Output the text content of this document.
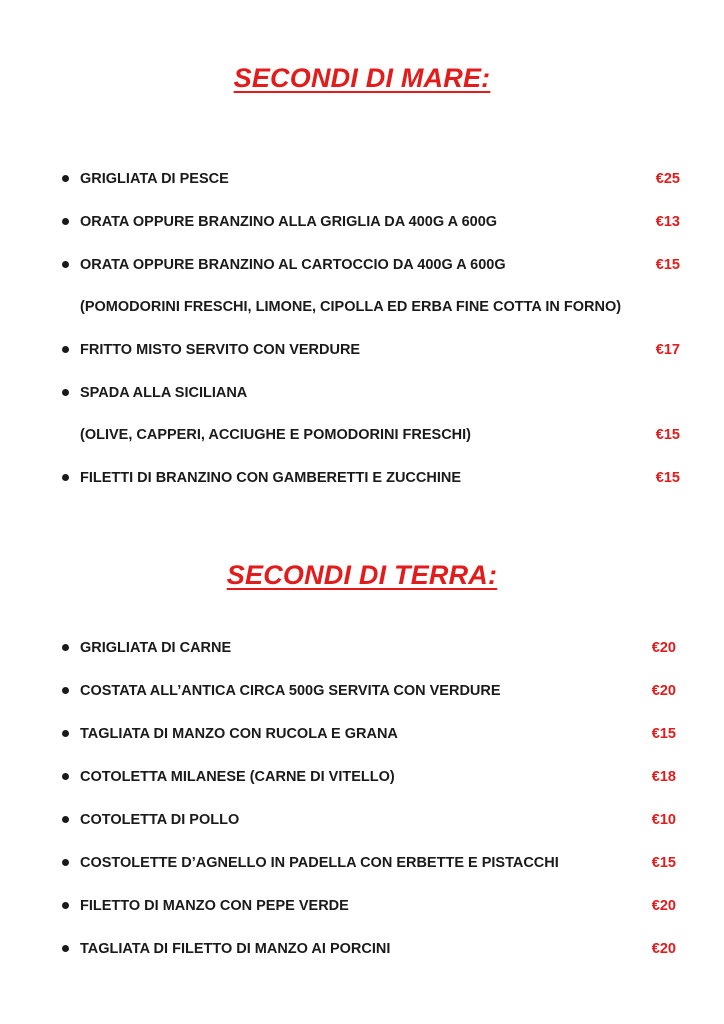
SECONDI DI MARE:
GRIGLIATA DI PESCE	€25
ORATA OPPURE BRANZINO ALLA GRIGLIA DA 400G A 600G	€13
ORATA OPPURE BRANZINO AL CARTOCCIO DA 400G A 600G	€15
(POMODORINI FRESCHI, LIMONE, CIPOLLA ED ERBA FINE COTTA IN FORNO)
FRITTO MISTO SERVITO CON VERDURE	€17
SPADA ALLA SICILIANA
(OLIVE, CAPPERI, ACCIUGHE E POMODORINI FRESCHI)	€15
FILETTI DI BRANZINO CON GAMBERETTI E ZUCCHINE	€15
SECONDI DI TERRA:
GRIGLIATA DI CARNE	€20
COSTATA ALL’ANTICA CIRCA 500G SERVITA CON VERDURE	€20
TAGLIATA DI MANZO CON RUCOLA E GRANA	€15
COTOLETTA MILANESE (CARNE DI VITELLO)	€18
COTOLETTA DI POLLO	€10
COSTOLETTE D’AGNELLO IN PADELLA CON ERBETTE E PISTACCHI	€15
FILETTO DI MANZO CON PEPE VERDE	€20
TAGLIATA DI FILETTO DI MANZO AI PORCINI	€20
